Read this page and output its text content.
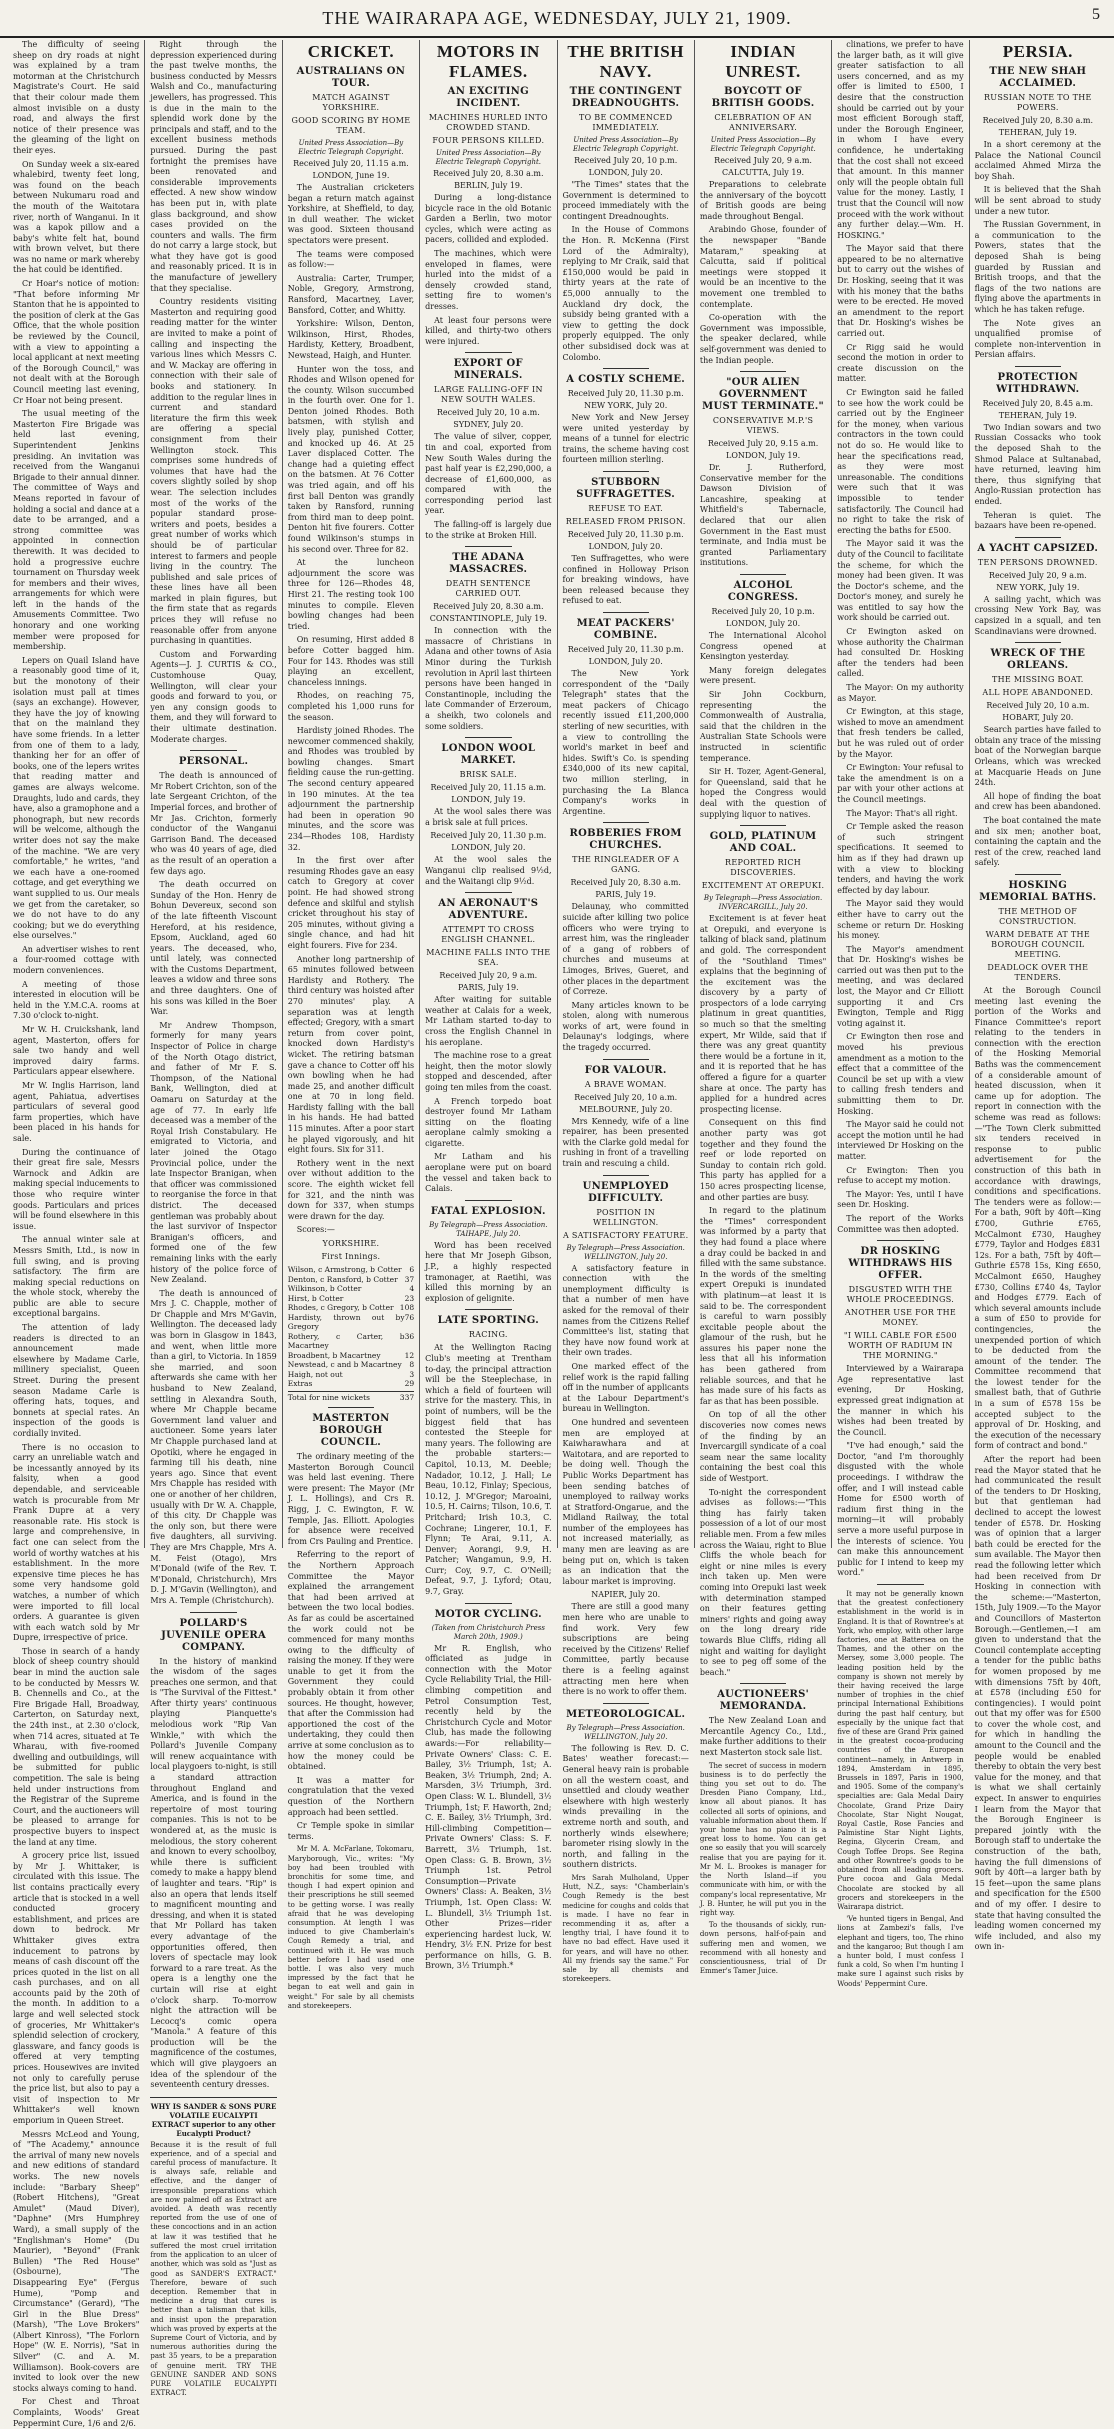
THE WAIRARAPA AGE, WEDNESDAY, JULY 21, 1909.	5

The difficulty of seeing sheep on dry roads at night was explained by a tram motorman at the Christchurch Magistrate's Court. He said that their colour made them almost invisible on a dusty road, and always the first notice of their presence was the gleaming of the light on their eyes.

On Sunday week a six-eared whalebird, twenty feet long, was found on the beach between Nukumaru road and the mouth of the Waitotara river, north of Wanganui. In it was a kapok pillow and a baby's white felt hat, bound with brown velvet, but there was no name or mark whereby the hat could be identified.

Cr Hoar's notice of motion: "That before informing Mr Stanton that he is appointed to the position of clerk at the Gas Office, that the whole position be reviewed by the Council, with a view to appointing a local applicant at next meeting of the Borough Council," was not dealt with at the Borough Council meeting last evening, Cr Hoar not being present.

The usual meeting of the Masterton Fire Brigade was held last evening, Superintendent Jenkins presiding. An invitation was received from the Wanganui Brigade to their annual dinner. The committee of Ways and Means reported in favour of holding a social and dance at a date to be arranged, and a strong committee was appointed in connection therewith. It was decided to hold a progressive euchre tournament on Thursday week for members and their wives, arrangements for which were left in the hands of the Amusements Committee. Two honorary and one working member were proposed for membership.

Lepers on Quail Island have a reasonably good time of it, but the monotony of their isolation must pall at times (says an exchange). However, they have the joy of knowing that on the mainland they have some friends. In a letter from one of them to a lady, thanking her for an offer of books, one of the lepers writes that reading matter and games are always welcome. Draughts, ludo and cards, they have, also a gramophone and a phonograph, but new records will be welcome, although the writer does not say the make of the machine. "We are very comfortable," he writes, "and we each have a one-roomed cottage, and get everything we want supplied to us. Our meals we get from the caretaker, so we do not have to do any cooking; but we do everything else ourselves."

An advertiser wishes to rent a four-roomed cottage with modern conveniences.

A meeting of those interested in elocution will be held in the Y.M.C.A. rooms at 7.30 o'clock to-night.

Mr W. H. Cruickshank, land agent, Masterton, offers for sale two handy and well improved dairy farms. Particulars appear elsewhere.

Mr W. Inglis Harrison, land agent, Pahiatua, advertises particulars of several good farm properties, which have been placed in his hands for sale.

During the continuance of their great fire sale, Messrs Warnock and Adkin are making special inducements to those who require winter goods. Particulars and prices will be found elsewhere in this issue.

The annual winter sale at Messrs Smith, Ltd., is now in full swing, and is proving satisfactory. The firm are making special reductions on the whole stock, whereby the public are able to secure exceptional bargains.

The attention of lady readers is directed to an announcement made elsewhere by Madame Carle, millinery specialist, Queen Street. During the present season Madame Carle is offering hats, toques, and bonnets at special rates. An inspection of the goods is cordially invited.

There is no occasion to carry an unreliable watch and be incessantly annoyed by its falsity, when a good dependable, and serviceable watch is procurable from Mr Frank Dupre at a very reasonable rate. His stock is large and comprehensive, in fact one can select from the world of worthy watches at his establishment. In the more expensive time pieces he has some very handsome gold watches, a number of which were imported to fill local orders. A guarantee is given with each watch sold by Mr Dupre, irrespective of price.

Those in search of a handy block of sheep country should bear in mind the auction sale to be conducted by Messrs W. B. Chennells and Co., at the Fire Brigade Hall, Broadway, Carterton, on Saturday next, the 24th inst., at 2.30 o'clock, when 714 acres, situated at Te Wharau, with five-roomed dwelling and outbuildings, will be submitted for public competition. The sale is being held under instructions from the Registrar of the Supreme Court, and the auctioneers will be pleased to arrange for prospective buyers to inspect the land at any time.

A grocery price list, issued by Mr J. Whittaker, is circulated with this issue. The list contains practically every article that is stocked in a well conducted grocery establishment, and prices are down to bedrock. Mr Whittaker gives extra inducement to patrons by means of cash discount off the prices quoted in the list on all cash purchases, and on all accounts paid by the 20th of the month. In addition to a large and well selected stock of groceries, Mr Whittaker's splendid selection of crockery, glassware, and fancy goods is offered at very tempting prices. Housewives are invited not only to carefully peruse the price list, but also to pay a visit of inspection to Mr Whittaker's well known emporium in Queen Street.

Messrs McLeod and Young, of "The Academy," announce the arrival of many new novels and new editions of standard works. The new novels include: "Barbary Sheep" (Robert Hitchens), "Great Amulet" (Maud Diver), "Daphne" (Mrs Humphrey Ward), a small supply of the "Englishman's Home" (Du Maurier), "Beyond" (Frank Bullen) "The Red House" (Osbourne), "The Disappearing Eye" (Fergus Hume), "Pomp and Circumstance" (Gerard), "The Girl in the Blue Dress" (Marsh), "The Love Brokers" (Albert Kinross), "The Forlorn Hope" (W. E. Norris), "Sat in Silver" (C. and A. M. Williamson). Book-covers are invited to look over the new stocks always coming to hand.

For Chest and Throat Complaints, Woods' Great Peppermint Cure, 1/6 and 2/6.

Right through the depression experienced during the past twelve months, the business conducted by Messrs Walsh and Co., manufacturing jewellers, has progressed. This is due in the main to the splendid work done by the principals and staff, and to the excellent business methods pursued. During the past fortnight the premises have been renovated and considerable improvements effected. A new show window has been put in, with plate glass background, and show cases provided on the counters and walls. The firm do not carry a large stock, but what they have got is good and reasonably priced. It is in the manufacture of jewellery that they specialise.

Country residents visiting Masterton and requiring good reading matter for the winter are invited to make a point of calling and inspecting the various lines which Messrs C. and W. Mackay are offering in connection with their sale of books and stationery. In addition to the regular lines in current and standard literature the firm this week are offering a special consignment from their Wellington stock. This comprises some hundreds of volumes that have had the covers slightly soiled by shop wear. The selection includes most of the works of the popular standard prose-writers and poets, besides a great number of works which should be of particular interest to farmers and people living in the country. The published and sale prices of these lines have all been marked in plain figures, but the firm state that as regards prices they will refuse no reasonable offer from anyone purchasing in quantities.

Custom and Forwarding Agents—J. J. CURTIS & CO., Customhouse Quay, Wellington, will clear your goods and forward to you, or yen any consign goods to them, and they will forward to their ultimate destination. Moderate charges.

PERSONAL.

The death is announced of Mr Robert Crichton, son of the late Sergeant Crichton, of the Imperial forces, and brother of Mr Jas. Crichton, formerly conductor of the Wanganui Garrison Band. The deceased who was 40 years of age, died as the result of an operation a few days ago.

The death occurred on Sunday of the Hon. Henry de Bohun Devereux, second son of the late fifteenth Viscount Hereford, at his residence, Epsom, Auckland, aged 60 years. The deceased, who, until lately, was connected with the Customs Department, leaves a widow and three sons and three daughters. One of his sons was killed in the Boer War.

Mr Andrew Thompson, formerly for many years Inspector of Police in charge of the North Otago district, and father of Mr F. S. Thompson, of the National Bank, Wellington, died at Oamaru on Saturday at the age of 77. In early life deceased was a member of the Royal Irish Constabulary. He emigrated to Victoria, and later joined the Otago Provincial police, under the late Inspector Branigan, when that officer was commissioned to reorganise the force in that district. The deceased gentleman was probably about the last survivor of Inspector Branigan's officers, and formed one of the few remaining links with the early history of the police force of New Zealand.

The death is announced of Mrs J. C. Chapple, mother of Dr Chapple and Mrs M'Gavin, Wellington. The deceased lady was born in Glasgow in 1843, and went, when little more than a girl, to Victoria. In 1859 she married, and soon afterwards she came with her husband to New Zealand, settling in Alexandra South, where Mr Chapple became Government land valuer and auctioneer. Some years later Mr Chapple purchased land at Opotiki, where he engaged in farming till his death, nine years ago. Since that event Mrs Chapple has resided with one or another of her children, usually with Dr W. A. Chapple, of this city. Dr Chapple was the only son, but there were five daughters, all surviving. They are Mrs Chapple, Mrs A. M. Feist (Otago), Mrs M'Donald (wife of the Rev. T. M'Donald, Christchurch), Mrs D. J. M'Gavin (Wellington), and Mrs A. Temple (Christchurch).

POLLARD'S JUVENILE OPERA COMPANY.

In the history of mankind the wisdom of the sages preaches one sermon, and that is "The Survival of the Fittest." After thirty years' continuous playing Pianquette's melodious work "Rip Van Winkle," with which the Pollard's Juvenile Company will renew acquaintance with local playgoers to-night, is still a standard attraction throughout England and America, and is found in the repertoire of most touring companies. This is not to be wondered at, as the music is melodious, the story coherent and known to every schoolboy, while there is sufficient comedy to make a happy blend of laughter and tears. "Rip" is also an opera that lends itself to magnificent mounting and dressing, and when it is stated that Mr Pollard has taken every advantage of the opportunities offered, then lovers of spectacle may look forward to a rare treat. As the opera is a lengthy one the curtain will rise at eight o'clock sharp. To-morrow night the attraction will be Lecocq's comic opera "Manola." A feature of this production will be the magnificence of the costumes, which will give playgoers an idea of the splendour of the seventeenth century dresses.

WHY IS SANDER & SONS PURE VOLATILE EUCALYPTI EXTRACT superior to any other Eucalypti Product?
Because it is the result of full experience, and of a special and careful process of manufacture. It is always safe, reliable and effective, and the danger of irresponsible preparations which are now palmed off as Extract are avoided. A death was recently reported from the use of one of these concoctions and in an action at law it was testified that he suffered the most cruel irritation from the application to an ulcer of another, which was sold as "Just as good as SANDER'S EXTRACT." Therefore, beware of such deception. Remember that in medicine a drug that cures is better than a talisman that kills, and insist upon the preparation which was proved by experts at the Supreme Court of Victoria, and by numerous authorities during the past 35 years, to be a preparation of genuine merit. TRY THE GENUINE SANDER AND SONS PURE VOLATILE EUCALYPTI EXTRACT.
CRICKET.
AUSTRALIANS ON TOUR.
MATCH AGAINST YORKSHIRE.
GOOD SCORING BY HOME TEAM.
United Press Association—By Electric Telegraph Copyright.
Received July 20, 11.15 a.m.
LONDON, June 19.

The Australian cricketers began a return match against Yorkshire, at Sheffield, to day, in dull weather. The wicket was good. Sixteen thousand spectators were present.

The teams were composed as follow:—

Australia: Carter, Trumper, Noble, Gregory, Armstrong, Ransford, Macartney, Laver, Bansford, Cotter, and Whitty.

Yorkshire: Wilson, Denton, Wilkinson, Hirst, Rhodes, Hardisty, Kettery, Broadbent, Newstead, Haigh, and Hunter.

Hunter won the toss, and Rhodes and Wilson opened for the county. Wilson succumbed in the fourth over. One for 1. Denton joined Rhodes. Both batsmen, with stylish and lively play, punished Cotter, and knocked up 46. At 25 Laver displaced Cotter. The change had a quieting effect on the batsmen. At 76 Cotter was tried again, and off his first ball Denton was grandly taken by Ransford, running from third man to deep point. Denton hit five fourers. Cotter found Wilkinson's stumps in his second over. Three for 82.

At the luncheon adjournment the score was three for 126—Rhodes 48, Hirst 21. The resting took 100 minutes to compile. Eleven bowling changes had been tried.

On resuming, Hirst added 8 before Cotter bagged him. Four for 143. Rhodes was still playing an excellent, chanceless innings.

Rhodes, on reaching 75, completed his 1,000 runs for the season.

Hardisty joined Rhodes. The newcomer commenced shakily, and Rhodes was troubled by bowling changes. Smart fielding cause the run-getting. The second century appeared in 190 minutes. At the tea adjournment the partnership had been in operation 90 minutes, and the score was 234—Rhodes 108, Hardisty 32.

In the first over after resuming Rhodes gave an easy catch to Gregory at cover point. He had showed strong defence and skilful and stylish cricket throughout his stay of 205 minutes, without giving a single chance, and had hit eight fourers. Five for 234.

Another long partnership of 65 minutes followed between Hardisty and Rothery. The third century was hoisted after 270 minutes' play. A separation was at length effected; Gregory, with a smart return from cover point, knocked down Hardisty's wicket. The retiring batsman gave a chance to Cotter off his own bowling when he had made 25, and another difficult one at 70 in long field. Hardisty falling with the ball in his hands. He had batted 115 minutes. After a poor start he played vigorously, and hit eight fours. Six for 311.

Rothery went in the next over without addition to the score. The eighth wicket fell for 321, and the ninth was down for 337, when stumps were drawn for the day.

Scores:—

YORKSHIRE.
First Innings.
Wilson, c Armstrong, b Cotter 6
Denton, c Ransford, b Cotter 37
Wilkinson, b Cotter	4
Hirst, b Cotter	23
Rhodes, c Gregory, b Cotter 108
Hardisty, thrown out by Gregory
76
Rothery, c Carter, b Macartney
36
Broadbent, b Macartney	12
Newstead, c and b Macartney 8
Haigh, not out	3
Extras	29
Total for nine wickets	337
MASTERTON BOROUGH COUNCIL.

The ordinary meeting of the Masterton Borough Council was held last evening. There were present: The Mayor (Mr J. L. Hollings), and Crs R. Rigg, J. C. Ewington, F. W. Temple, Jas. Elliott. Apologies for absence were received from Crs Pauling and Prentice.

Referring to the report of the Northern Approach Committee the Mayor explained the arrangement that had been arrived at between the two local bodies. As far as could be ascertained the work could not be commenced for many months owing to the difficulty of raising the money. If they were unable to get it from the Government they could probably obtain it from other sources. He thought, however, that after the Commission had apportioned the cost of the undertaking, they could then arrive at some conclusion as to how the money could be obtained.

It was a matter for congratulation that the vexed question of the Northern approach had been settled.

Cr Temple spoke in similar terms.

Mr M. A. McFarlane, Tokomaru, Maryborough, Vic., writes: "My boy had been troubled with bronchitis for some time, and though I had expert opinion and their prescriptions he still seemed to be getting worse. I was really afraid that he was developing consumption. At length I was induced to give Chamberlain's Cough Remedy a trial, and continued with it. He was much better before I had used one bottle. I was also very much impressed by the fact that he began to eat well and gain in weight." For sale by all chemists and storekeepers.

MOTORS IN FLAMES.
AN EXCITING INCIDENT.
MACHINES HURLED INTO CROWDED STAND.
FOUR PERSONS KILLED.
United Press Association—By Electric Telegraph Copyright.
Received July 20, 8.30 a.m.
BERLIN, July 19.

During a long-distance bicycle race in the old Botanic Garden a Berlin, two motor cycles, which were acting as pacers, collided and exploded.

The machines, which were enveloped in flames, were hurled into the midst of a densely crowded stand, setting fire to women's dresses.

At least four persons were killed, and thirty-two others were injured.

EXPORT OF MINERALS.
LARGE FALLING-OFF IN NEW SOUTH WALES.
Received July 20, 10 a.m.
SYDNEY, July 20.

The value of silver, copper, tin and coal, exported from New South Wales during the past half year is £2,290,000, a decrease of £1,600,000, as compared with the corresponding period last year.

The falling-off is largely due to the strike at Broken Hill.

THE ADANA MASSACRES.
DEATH SENTENCE CARRIED OUT.
Received July 20, 8.30 a.m.
CONSTANTINOPLE, July 19.

In connection with the massacre of Christians in Adana and other towns of Asia Minor during the Turkish revolution in April last thirteen persons have been hanged in Constantinople, including the late Commander of Erzeroum, a sheikh, two colonels and some soldiers.

LONDON WOOL MARKET.
BRISK SALE.
Received July 20, 11.15 a.m.
LONDON, July 19.

At the wool sales there was a brisk sale at full prices.

Received July 20, 11.30 p.m.
LONDON, July 20.

At the wool sales the Wanganui clip realised 9½d, and the Waitangi clip 9½d.

AN AERONAUT'S ADVENTURE.
ATTEMPT TO CROSS ENGLISH CHANNEL.
MACHINE FALLS INTO THE SEA.
Received July 20, 9 a.m.
PARIS, July 19.

After waiting for suitable weather at Calais for a week, Mr Latham started to-day to cross the English Channel in his aeroplane.

The machine rose to a great height, then the motor slowly stopped and descended, after going ten miles from the coast.

A French torpedo boat destroyer found Mr Latham sitting on the floating aeroplane calmly smoking a cigarette.

Mr Latham and his aeroplane were put on board the vessel and taken back to Calais.

FATAL EXPLOSION.
By Telegraph—Press Association. TAIHAPE, July 20.

Word has been received here that Mr Joseph Gibson, J.P., a highly respected tramonager, at Raetihi, was killed this morning by an explosion of gelignite.

LATE SPORTING.
RACING.

At the Wellington Racing Club's meeting at Trentham to-day, the principal attraction will be the Steeplechase, in which a field of fourteen will strive for the mastery. This, in point of numbers, will be the biggest field that has contested the Steeple for many years. The following are the probable starters:—Capitol, 10.13, M. Deeble; Nadador, 10.12, J. Hall; Le Beau, 10.12, Finlay; Specious, 10.12, J. M'Gregor; Maroaini, 10.5, H. Cairns; Tilson, 10.6, T. Pritchard; Irish 10.3, C. Cochrane; Lingerer, 10.1, F. Flynn; Te Arai, 9.11, A. Denver; Aorangi, 9.9, H. Patcher; Wangamun, 9.9, H. Curr; Coy, 9.7, C. O'Neill; Defeat, 9.7, J. Lyford; Otau, 9.7, Gray.

MOTOR CYCLING.
(Taken from Christchurch Press March 20th, 1909.)

Mr R. English, who officiated as judge in connection with the Motor Cycle Reliability Trial, the Hill-climbing competition and Petrol Consumption Test, recently held by the Christchurch Cycle and Motor Club, has made the following awards:—For reliability—Private Owners' Class: C. E. Bailey, 3½ Triumph, 1st; A. Beaken, 3½ Triumph, 2nd; A. Marsden, 3½ Triumph, 3rd. Open Class: W. L. Blundell, 3½ Triumph, 1st; F. Haworth, 2nd; C. E. Bailey, 3½ Triumph, 3rd. Hill-climbing Competition—Private Owners' Class: S. F. Barrett, 3½ Triumph, 1st. Open Class: G. B. Brown, 3½ Triumph 1st. Petrol Consumption—Private Owners' Class: A. Beaken, 3½ Triumph, 1st. Open Class: W. L. Blundell, 3½ Triumph 1st. Other Prizes—rider experiencing hardest luck, W. Hendry, 3½ F.N. Prize for best performance on hills, G. B. Brown, 3½ Triumph.*

THE BRITISH NAVY.
THE CONTINGENT DREADNOUGHTS.
TO BE COMMENCED IMMEDIATELY.
United Press Association—By Electric Telegraph Copyright.
Received July 20, 10 p.m.
LONDON, July 20.

"The Times" states that the Government is determined to proceed immediately with the contingent Dreadnoughts.

In the House of Commons the Hon. R. McKenna (First Lord of the Admiralty), replying to Mr Craik, said that £150,000 would be paid in thirty years at the rate of £5,000 annually to the Auckland dry dock, the subsidy being granted with a view to getting the dock properly equipped. The only other subsidised dock was at Colombo.

A COSTLY SCHEME.
Received July 20, 11.30 p.m.
NEW YORK, July 20.

New York and New Jersey were united yesterday by means of a tunnel for electric trains, the scheme having cost fourteen million sterling.

STUBBORN SUFFRAGETTES.
REFUSE TO EAT.
RELEASED FROM PRISON.
Received July 20, 11.30 p.m.
LONDON, July 20.

Ten Suffragettes, who were confined in Holloway Prison for breaking windows, have been released because they refused to eat.

MEAT PACKERS' COMBINE.
Received July 20, 11.30 p.m.
LONDON, July 20.

The New York correspondent of the "Daily Telegraph" states that the meat packers of Chicago recently issued £11,200,000 sterling of new securities, with a view to controlling the world's market in beef and hides. Swift's Co. is spending £340,000 of its new capital, two million sterling, in purchasing the La Blanca Company's works in Argentine.

ROBBERIES FROM CHURCHES.
THE RINGLEADER OF A GANG.
Received July 20, 8.30 a.m.
PARIS, July 19.

Delaunay, who committed suicide after killing two police officers who were trying to arrest him, was the ringleader of a gang of robbers of churches and museums at Limoges, Brives, Gueret, and other places in the department of Correze.

Many articles known to be stolen, along with numerous works of art, were found in Delaunay's lodgings, where the tragedy occurred.

FOR VALOUR.
A BRAVE WOMAN.
Received July 20, 10 a.m.
MELBOURNE, July 20.

Mrs Kennedy, wife of a line repairer, has been presented with the Clarke gold medal for rushing in front of a travelling train and rescuing a child.

UNEMPLOYED DIFFICULTY.
POSITION IN WELLINGTON.
A SATISFACTORY FEATURE.
By Telegraph—Press Association. WELLINGTON, July 20.

A satisfactory feature in connection with the unemployment difficulty is that a number of men have asked for the removal of their names from the Citizens Relief Committee's list, stating that they have now found work at their own trades.

One marked effect of the relief work is the rapid falling off in the number of applicants at the Labour Department's bureau in Wellington.

One hundred and seventeen men are employed at Kaiwharawhara and at Waitotara, and are reported to be doing well. Though the Public Works Department has been sending batches of unemployed to railway works at Stratford-Ongarue, and the Midland Railway, the total number of the employees has not increased materially, as many men are leaving as are being put on, which is taken as an indication that the labour market is improving.

NAPIER, July 20.

There are still a good many men here who are unable to find work. Very few subscriptions are being received by the Citizens' Relief Committee, partly because there is a feeling against attracting men here when there is no work to offer them.

METEOROLOGICAL.
By Telegraph—Press Association. WELLINGTON, July 20.

The following is Rev. D. C. Bates' weather forecast:—General heavy rain is probable on all the western coast, and unsettled and cloudy weather elsewhere with high westerly winds prevailing in the extreme north and south, and northerly winds elsewhere; barometer rising slowly in the north, and falling in the southern districts.

Mrs Sarah Mulholand, Upper Hutt, N.Z., says: "Chamberlain's Cough Remedy is the best medicine for coughs and colds that is made. I have no fear in recommending it as, after a lengthy trial, I have found it to have no bad effect. Have used it for years, and will have no other. All my friends say the same." For sale by all chemists and storekeepers.

INDIAN UNREST.
BOYCOTT OF BRITISH GOODS.
CELEBRATION OF AN ANNIVERSARY.
United Press Association—By Electric Telegraph Copyright.
Received July 20, 9 a.m.
CALCUTTA, July 19.

Preparations to celebrate the anniversary of the boycott of British goods are being made throughout Bengal.

Arabindo Ghose, founder of the newspaper "Bande Mataram," speaking at Calcutta, said if political meetings were stopped it would be an incentive to the movement one trembled to contemplate.

Co-operation with the Government was impossible, the speaker declared, while self-government was denied to the Indian people.

"OUR ALIEN GOVERNMENT MUST TERMINATE."
CONSERVATIVE M.P.'S VIEWS.
Received July 20, 9.15 a.m.
LONDON, July 19.

Dr. J. Rutherford, Conservative member for the Dawson Division of Lancashire, speaking at Whitfield's Tabernacle, declared that our alien Government in the East must terminate, and India must be granted Parliamentary institutions.

ALCOHOL CONGRESS.
Received July 20, 10 p.m.
LONDON, July 20.

The International Alcohol Congress opened at Kensington yesterday.

Many foreign delegates were present.

Sir John Cockburn, representing the Commonwealth of Australia, said that the children in the Australian State Schools were instructed in scientific temperance.

Sir H. Tozer, Agent-General, for Queensland, said that he hoped the Congress would deal with the question of supplying liquor to natives.

GOLD, PLATINUM AND COAL.
REPORTED RICH DISCOVERIES.
EXCITEMENT AT OREPUKI.
By Telegraph—Press Association. INVERCARGILL, July 20.

Excitement is at fever heat at Orepuki, and everyone is talking of black sand, platinum and gold. The correspondent of the "Southland Times" explains that the beginning of the excitement was the discovery by a party of prospectors of a lode carrying platinum in great quantities, so much so that the smelting expert, Mr Wilde, said that if there was any great quantity there would be a fortune in it, and it is reported that he has offered a figure for a quarter share at once. The party has applied for a hundred acres prospecting license.

Consequent on this find another party was got together and they found the reef or lode reported on Sunday to contain rich gold. This party has applied for a 150 acres prospecting license, and other parties are busy.

In regard to the platinum the "Times" correspondent was informed by a party that they had found a place where a dray could be backed in and filled with the same substance. In the words of the smelting expert Orepuki is inundated with platinum—at least it is said to be. The correspondent is careful to warn possibly excitable people about the glamour of the rush, but he assures his paper none the less that all his information has been gathered from reliable sources, and that he has made sure of his facts as far as that has been possible.

On top of all the other discoveries now comes news of the finding by an Invercargill syndicate of a coal seam near the same locality containing the best coal this side of Westport.

To-night the correspondent advises as follows:—"This thing has fairly taken possession of a lot of our most reliable men. From a few miles across the Waiau, right to Blue Cliffs the whole beach for eight or nine miles is every inch taken up. Men were coming into Orepuki last week with determination stamped on their features getting miners' rights and going away on the long dreary ride towards Blue Cliffs, riding all night and waiting for daylight to see to peg off some of the beach."

AUCTIONEERS' MEMORANDA.

The New Zealand Loan and Mercantile Agency Co., Ltd., make further additions to their next Masterton stock sale list.

The secret of success in modern business is to do perfectly the thing you set out to do. The Dresden Piano Company, Ltd., know all about pianos. It has collected all sorts of opinions, and valuable information about them. If your home has no piano it is a great loss to home. You can get one so easily that you will scarcely realise that you are paying for it. Mr M. L. Brookes is manager for the North Island—if you communicate with him, or with the company's local representative, Mr J. B. Hunter, he will put you in the right way.

To the thousands of sickly, run-down persons, half-of-pain and suffering men and women, we recommend with all honesty and conscientiousness, trial of Dr Emmer's Tamer Juice.

clinations, we prefer to have the larger bath, as it will give greater satisfaction to all users concerned, and as my offer is limited to £500, I desire that the construction should be carried out by your most efficient Borough staff, under the Borough Engineer, in whom I have every confidence, he undertaking that the cost shall not exceed that amount. In this manner only will the people obtain full value for the money. Lastly, I trust that the Council will now proceed with the work without any further delay.—Wm. H. HOSKING."

The Mayor said that there appeared to be no alternative but to carry out the wishes of Dr. Hosking, seeing that it was with his money that the baths were to be erected. He moved an amendment to the report that Dr. Hosking's wishes be carried out.

Cr Rigg said he would second the motion in order to create discussion on the matter.

Cr Ewington said he failed to see how the work could be carried out by the Engineer for the money, when various contractors in the town could not do so. He would like to hear the specifications read, as they were most unreasonable. The conditions were such that it was impossible to tender satisfactorily. The Council had no right to take the risk of erecting the baths for £500.

The Mayor said it was the duty of the Council to facilitate the scheme, for which the money had been given. It was the Doctor's scheme, and the Doctor's money, and surely he was entitled to say how the work should be carried out.

Cr Ewington asked on whose authority the Chairman had consulted Dr. Hosking after the tenders had been called.

The Mayor: On my authority as Mayor.

Cr Ewington, at this stage, wished to move an amendment that fresh tenders be called, but he was ruled out of order by the Mayor.

Cr Ewington: Your refusal to take the amendment is on a par with your other actions at the Council meetings.

The Mayor: That's all right.

Cr Temple asked the reason of such stringent specifications. It seemed to him as if they had drawn up with a view to blocking tenders, and having the work effected by day labour.

The Mayor said they would either have to carry out the scheme or return Dr. Hosking his money.

The Mayor's amendment that Dr. Hosking's wishes be carried out was then put to the meeting, and was declared lost, the Mayor and Cr Elliott supporting it and Crs Ewington, Temple and Rigg voting against it.

Cr Ewington then rose and moved his previous amendment as a motion to the effect that a committee of the Council be set up with a view to calling fresh tenders and submitting them to Dr. Hosking.

The Mayor said he could not accept the motion until he had interviewed Dr Hosking on the matter.

Cr Ewington: Then you refuse to accept my motion.

The Mayor: Yes, until I have seen Dr. Hosking.

The report of the Works Committee was then adopted.

DR HOSKING WITHDRAWS HIS OFFER.
DISGUSTED WITH THE WHOLE PROCEEDINGS.
ANOTHER USE FOR THE MONEY.
"I WILL CABLE FOR £500 WORTH OF RADIUM IN THE MORNING."

Interviewed by a Wairarapa Age representative last evening, Dr Hosking, expressed great indignation at the manner in which his wishes had been treated by the Council.

"I've had enough," said the Doctor, "and I'm thoroughly disgusted with the whole proceedings. I withdraw the offer, and I will instead cable Home for £500 worth of radium first thing in the morning—it will probably serve a more useful purpose in the interests of science. You can make this announcement public for I intend to keep my word."

It may not be generally known that the greatest confectionery establishment in the world is in England. It is that of Rowntree's at York, who employ, with other large factories, one at Battersea on the Thames, and the other on the Mersey, some 3,000 people. The leading position held by the company is shown not merely by their having received the large number of trophies in the chief principal International Exhibitions during the past half century, but especially by the unique fact that five of these are Grand Prix gained in the greatest cocoa-producing countries of the European continent—namely, in Antwerp in 1894, Amsterdam in 1895, Brussels in 1897, Paris in 1900, and 1905. Some of the company's specialties are: Gala Medal Dairy Chocolate, Grand Prize Dairy Chocolate, Star Night Nougat, Royal Castle, Rose Fancies and Palmistine Star Night Lights, Regina, Glycerin Cream, and Cough Toffee Drops. See Regina and other Rowntree's goods to be obtained from all leading grocers. Pure cocoa and Gala Medal Chocolate are stocked by all grocers and storekeepers in the Wairarapa district.

'Ve hunted tigers in Bengal, And lions at Zambezi's falls, I've elephant and tigers, too, The rhino and the kangaroo; But though I am a hunter bold, I must confess I funk a cold, So when I'm hunting I make sure I against such risks by Woods' Peppermint Cure.

PERSIA.
THE NEW SHAH ACCLAIMED.
RUSSIAN NOTE TO THE POWERS.
Received July 20, 8.30 a.m.
TEHERAN, July 19.

In a short ceremony at the Palace the National Council acclaimed Ahmed Mirza the boy Shah.

It is believed that the Shah will be sent abroad to study under a new tutor.

The Russian Government, in a communication to the Powers, states that the deposed Shah is being guarded by Russian and British troops, and that the flags of the two nations are flying above the apartments in which he has taken refuge.

The Note gives an unqualified promise of complete non-intervention in Persian affairs.

PROTECTION WITHDRAWN.
Received July 20, 8.45 a.m.
TEHERAN, July 19.

Two Indian sowars and two Russian Cossacks who took the deposed Shah to the Shmod Palace at Sultanabad, have returned, leaving him there, thus signifying that Anglo-Russian protection has ended.

Teheran is quiet. The bazaars have been re-opened.

A YACHT CAPSIZED.
TEN PERSONS DROWNED.
Received July 20, 9 a.m.
NEW YORK, July 19.

A sailing yacht, which was crossing New York Bay, was capsized in a squall, and ten Scandinavians were drowned.

WRECK OF THE ORLEANS.
THE MISSING BOAT.
ALL HOPE ABANDONED.
Received July 20, 10 a.m.
HOBART, July 20.

Search parties have failed to obtain any trace of the missing boat of the Norwegian barque Orleans, which was wrecked at Macquarie Heads on June 24th.

All hope of finding the boat and crew has been abandoned.

The boat contained the mate and six men; another boat, containing the captain and the rest of the crew, reached land safely.

HOSKING MEMORIAL BATHS.
THE METHOD OF CONSTRUCTION.
WARM DEBATE AT THE BOROUGH COUNCIL MEETING.
DEADLOCK OVER THE TENDERS.

At the Borough Council meeting last evening the portion of the Works and Finance Committee's report relating to the tenders in connection with the erection of the Hosking Memorial Baths was the commencement of a considerable amount of heated discussion, when it came up for adoption. The report in connection with the scheme was read as follows:—"The Town Clerk submitted six tenders received in response to public advertisement for the construction of this bath in accordance with drawings, conditions and specifications. The tenders were as follow:—For a bath, 90ft by 40ft—King £700, Guthrie £765, McCalmont £730, Haughey £779, Taylor and Hodges £831 12s. For a bath, 75ft by 40ft—Guthrie £578 15s, King £650, McCalmont £650, Haughey £730, Collins £740 4s, Taylor and Hodges £779. Each of which several amounts include a sum of £50 to provide for contingencies, the unexpended portion of which to be deducted from the amount of the tender. The Committee recommend that the lowest tender for the smallest bath, that of Guthrie in a sum of £578 15s be accepted subject to the approval of Dr. Hosking, and the execution of the necessary form of contract and bond."

After the report had been read the Mayor stated that he had communicated the result of the tenders to Dr Hosking, but that gentleman had declined to accept the lowest tender of £578. Dr. Hosking was of opinion that a larger bath could be erected for the sum available. The Mayor then read the following letter which had been received from Dr Hosking in connection with the scheme:—"Masterton, 15th, July 1909.—To the Mayor and Councillors of Masterton Borough.—Gentlemen,—I am given to understand that the Council contemplate accepting a tender for the public baths for women proposed by me with dimensions 75ft by 40ft, at £578 (including £50 for contingencies). I would point out that my offer was for £500 to cover the whole cost, and for which in handling the amount to the Council and the people would be enabled thereby to obtain the very best value for the money, and that is what we shall certainly expect. In answer to enquiries I learn from the Mayor that the Borough Engineer is prepared jointly with the Borough staff to undertake the construction of the bath, having the full dimensions of 90ft by 40ft—a larger bath by 15 feet—upon the same plans and specification for the £500 and of my offer. I desire to state that having consulted the leading women concerned my wife included, and also my own in-
